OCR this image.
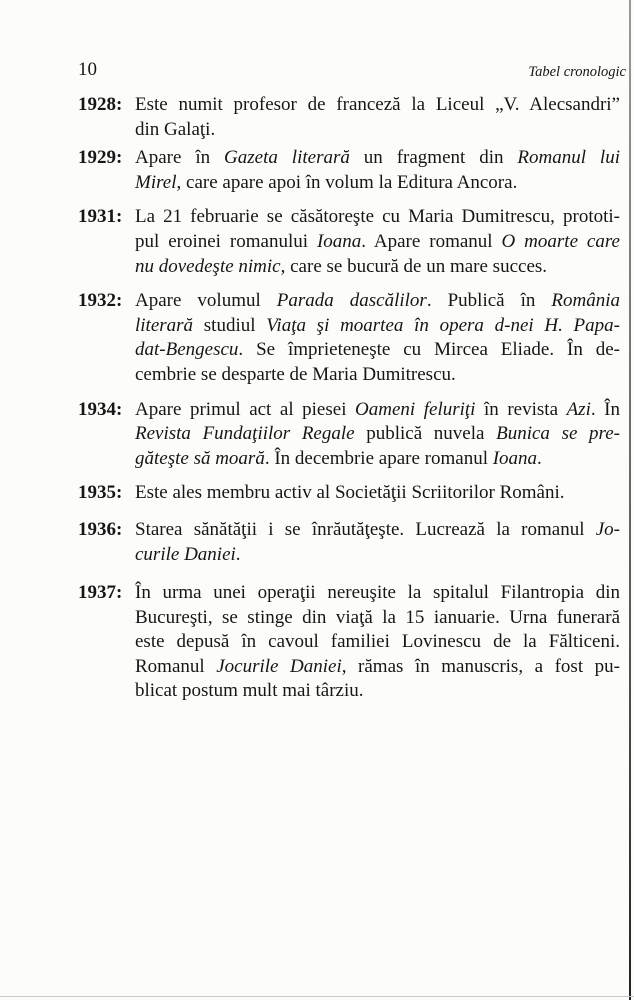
10	Tabel cronologic
1928: Este numit profesor de franceză la Liceul „V. Alecsandri”
din Galaţi.
1929: Apare în Gazeta literară un fragment din Romanul lui
Mirel, care apare apoi în volum la Editura Ancora.
1931: La 21 februarie se căsătoreşte cu Maria Dumitrescu, prototi-
pul eroinei romanului Ioana. Apare romanul O moarte care
nu dovedeşte nimic, care se bucură de un mare succes.
1932: Apare volumul Parada dascălilor. Publică în România
literară studiul Viaţa şi moartea în opera d-nei H. Papa-
dat-Bengescu. Se împrieteneşte cu Mircea Eliade. În de-
cembrie se desparte de Maria Dumitrescu.
1934: Apare primul act al piesei Oameni feluriţi în revista Azi. În
Revista Fundaţiilor Regale publică nuvela Bunica se pre-
găteşte să moară. În decembrie apare romanul Ioana.
1935: Este ales membru activ al Societăţii Scriitorilor Români.
1936: Starea sănătăţii i se înrăutăţeşte. Lucrează la romanul Jo-
curile Daniei.
1937: În urma unei operaţii nereuşite la spitalul Filantropia din
Bucureşti, se stinge din viaţă la 15 ianuarie. Urna funerară
este depusă în cavoul familiei Lovinescu de la Fălticeni.
Romanul Jocurile Daniei, rămas în manuscris, a fost pu-
blicat postum mult mai târziu.
